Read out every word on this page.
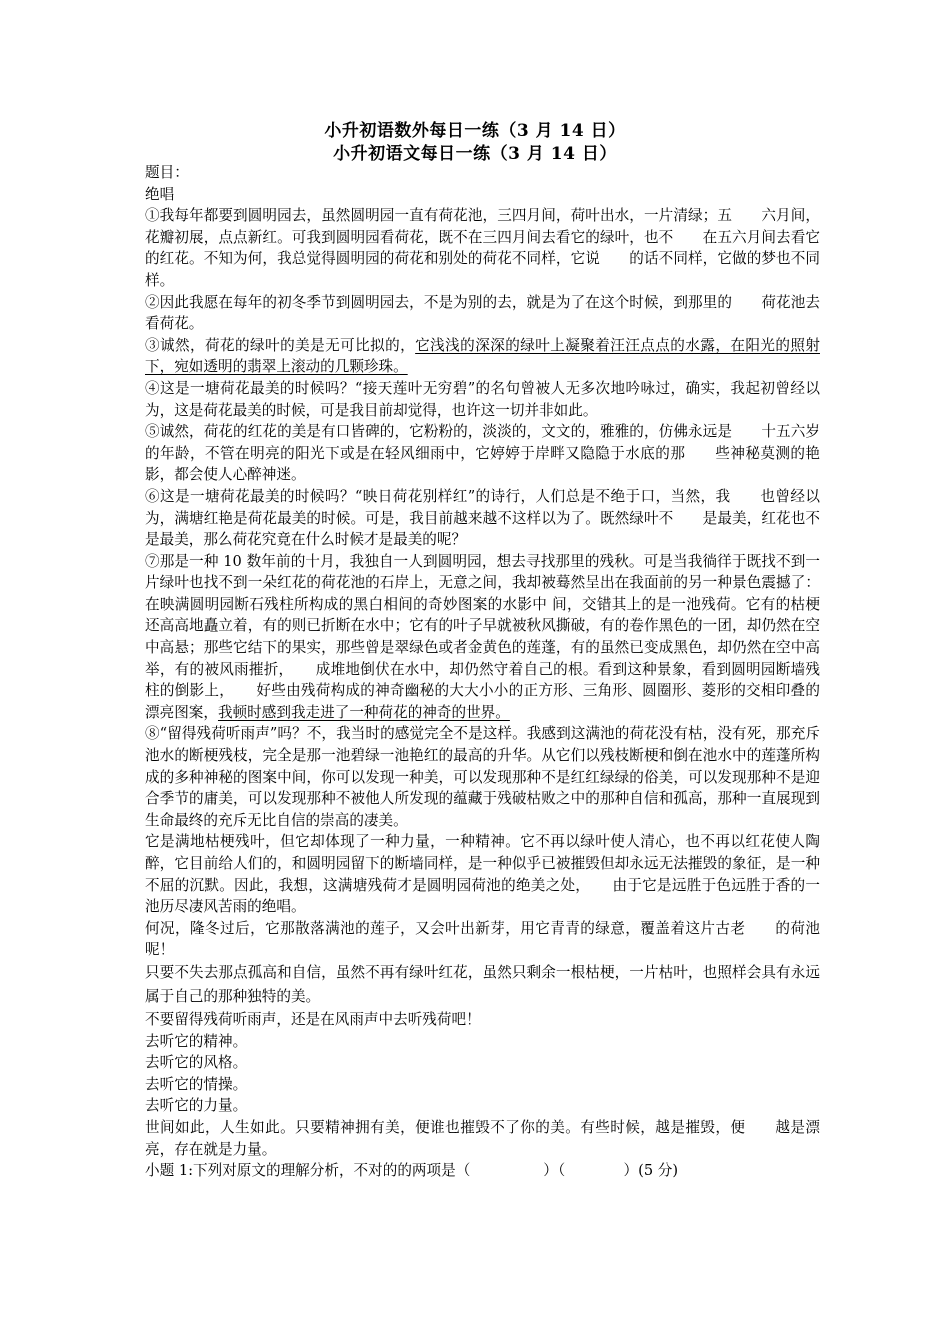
小升初语数外每日一练（3 月 14 日）
小升初语文每日一练（3 月 14 日）

题目：

绝唱

①我每年都要到圆明园去，虽然圆明园一直有荷花池，三四月间，荷叶出水，一片清绿；五　　六月间，花瓣初展，点点新红。可我到圆明园看荷花，既不在三四月间去看它的绿叶，也不　　在五六月间去看它的红花。不知为何，我总觉得圆明园的荷花和别处的荷花不同样，它说　　的话不同样，它做的梦也不同样。

②因此我愿在每年的初冬季节到圆明园去，不是为别的去，就是为了在这个时候，到那里的　　荷花池去看荷花。

③诚然，荷花的绿叶的美是无可比拟的，它浅浅的深深的绿叶上凝聚着汪汪点点的水露，在阳光的照射下，宛如透明的翡翠上滚动的几颗珍珠。

④这是一塘荷花最美的时候吗？“接天莲叶无穷碧”的名句曾被人无多次地吟咏过，确实，我起初曾经以为，这是荷花最美的时候，可是我目前却觉得，也许这一切并非如此。

⑤诚然，荷花的红花的美是有口皆碑的，它粉粉的，淡淡的，文文的，雅雅的，仿佛永远是　　十五六岁的年龄，不管在明亮的阳光下或是在轻风细雨中，它婷婷于岸畔又隐隐于水底的那　　些神秘莫测的艳影，都会使人心醉神迷。

⑥这是一塘荷花最美的时候吗？“映日荷花别样红”的诗行，人们总是不绝于口，当然，我　　也曾经以为，满塘红艳是荷花最美的时候。可是，我目前越来越不这样以为了。既然绿叶不　　是最美，红花也不是最美，那么荷花究竟在什么时候才是最美的呢？

⑦那是一种 10 数年前的十月，我独自一人到圆明园，想去寻找那里的残秋。可是当我徜徉于既找不到一片绿叶也找不到一朵红花的荷花池的石岸上，无意之间，我却被蓦然呈出在我面前的另一种景色震撼了：在映满圆明园断石残柱所构成的黑白相间的奇妙图案的水影中 间，交错其上的是一池残荷。它有的枯梗还高高地矗立着，有的则已折断在水中；它有的叶子早就被秋风撕破，有的卷作黑色的一团，却仍然在空中高悬；那些它结下的果实，那些曾是翠绿色或者金黄色的莲蓬，有的虽然已变成黑色，却仍然在空中高举，有的被风雨摧折，　　成堆地倒伏在水中，却仍然守着自己的根。看到这种景象，看到圆明园断墙残柱的倒影上，　　好些由残荷构成的神奇幽秘的大大小小的正方形、三角形、圆圈形、菱形的交相印叠的漂亮图案，我顿时感到我走进了一种荷花的神奇的世界。

⑧“留得残荷听雨声”吗？不，我当时的感觉完全不是这样。我感到这满池的荷花没有枯，没有死，那充斥池水的断梗残枝，完全是那一池碧绿一池艳红的最高的升华。从它们以残枝断梗和倒在池水中的莲蓬所构成的多种神秘的图案中间，你可以发现一种美，可以发现那种不是红红绿绿的俗美，可以发现那种不是迎合季节的庸美，可以发现那种不被他人所发现的蕴藏于残破枯败之中的那种自信和孤高，那种一直展现到生命最终的充斥无比自信的崇高的凄美。

它是满地枯梗残叶，但它却体现了一种力量，一种精神。它不再以绿叶使人清心，也不再以红花使人陶醉，它目前给人们的，和圆明园留下的断墙同样，是一种似乎已被摧毁但却永远无法摧毁的象征，是一种不屈的沉默。因此，我想，这满塘残荷才是圆明园荷池的绝美之处，　　由于它是远胜于色远胜于香的一池历尽凄风苦雨的绝唱。

何况，隆冬过后，它那散落满池的莲子，又会叶出新芽，用它青青的绿意，覆盖着这片古老　　的荷池呢！

只要不失去那点孤高和自信，虽然不再有绿叶红花，虽然只剩余一根枯梗，一片枯叶，也照样会具有永远属于自己的那种独特的美。

不要留得残荷听雨声，还是在风雨声中去听残荷吧！

去听它的精神。

去听它的风格。

去听它的情操。

去听它的力量。

世间如此，人生如此。只要精神拥有美，便谁也摧毁不了你的美。有些时候，越是摧毁，便　　越是漂亮，存在就是力量。

小题 1:下列对原文的理解分析，不对的的两项是（　　　　　）（　　　　）(5 分)
